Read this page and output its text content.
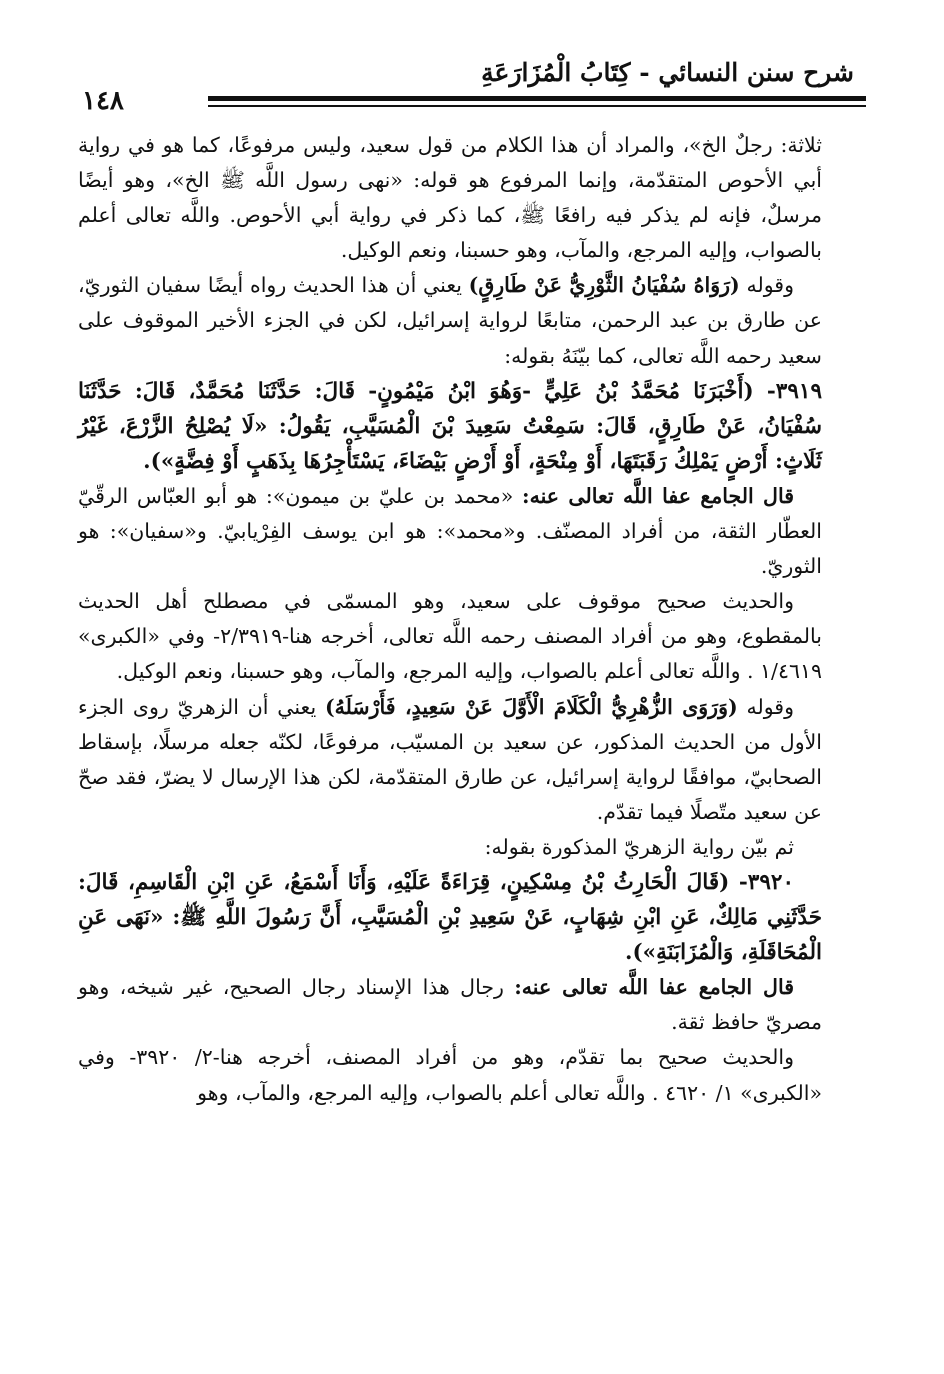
شرح سنن النسائي - كِتَابُ الْمُزَارَعَةِ
١٤٨

ثلاثة: رجلٌ الخ»، والمراد أن هذا الكلام من قول سعيد، وليس مرفوعًا، كما هو في رواية أبي الأحوص المتقدّمة، وإنما المرفوع هو قوله: «نهى رسول اللَّه ﷺ الخ»، وهو أيضًا مرسلٌ، فإنه لم يذكر فيه رافعًا ﷺ، كما ذكر في رواية أبي الأحوص. واللَّه تعالى أعلم بالصواب، وإليه المرجع، والمآب، وهو حسبنا، ونعم الوكيل.

وقوله (رَوَاهُ سُفْيَانُ الثَّوْرِيُّ عَنْ طَارِقٍ) يعني أن هذا الحديث رواه أيضًا سفيان الثوريّ، عن طارق بن عبد الرحمن، متابعًا لرواية إسرائيل، لكن في الجزء الأخير الموقوف على سعيد رحمه اللَّه تعالى، كما بيّنَهُ بقوله:

٣٩١٩- (أَخْبَرَنَا مُحَمَّدُ بْنُ عَلِيٍّ -وَهُوَ ابْنُ مَيْمُونٍ- قَالَ: حَدَّثَنَا مُحَمَّدٌ، قَالَ: حَدَّثَنَا سُفْيَانُ، عَنْ طَارِقٍ، قَالَ: سَمِعْتُ سَعِيدَ بْنَ الْمُسَيَّبِ، يَقُولُ: «لَا يُصْلِحُ الزَّرْعَ، غَيْرُ ثَلَاثٍ: أَرْضٍ يَمْلِكُ رَقَبَتَهَا، أَوْ مِنْحَةٍ، أَوْ أَرْضٍ بَيْضَاءَ، يَسْتَأْجِرُهَا بِذَهَبٍ أَوْ فِضَّةٍ»).

قال الجامع عفا اللَّه تعالى عنه: «محمد بن عليّ بن ميمون»: هو أبو العبّاس الرقّيّ العطّار الثقة، من أفراد المصنّف. و«محمد»: هو ابن يوسف الفِرْيابيّ. و«سفيان»: هو الثوريّ.

والحديث صحيح موقوف على سعيد، وهو المسمّى في مصطلح أهل الحديث بالمقطوع، وهو من أفراد المصنف رحمه اللَّه تعالى، أخرجه هنا-٢/٣٩١٩- وفي «الكبرى» ١/٤٦١٩ . واللَّه تعالى أعلم بالصواب، وإليه المرجع، والمآب، وهو حسبنا، ونعم الوكيل.

وقوله (وَرَوَى الزُّهْرِيُّ الْكَلَامَ الْأَوَّلَ عَنْ سَعِيدٍ، فَأَرْسَلَهُ) يعني أن الزهريّ روى الجزء الأول من الحديث المذكور، عن سعيد بن المسيّب، مرفوعًا، لكنّه جعله مرسلًا، بإسقاط الصحابيّ، موافقًا لرواية إسرائيل، عن طارق المتقدّمة، لكن هذا الإرسال لا يضرّ، فقد صحّ عن سعيد متّصلًا فيما تقدّم.

ثم بيّن رواية الزهريّ المذكورة بقوله:

٣٩٢٠- (قَالَ الْحَارِثُ بْنُ مِسْكِينٍ، قِرَاءَةً عَلَيْهِ، وَأَنَا أَسْمَعُ، عَنِ ابْنِ الْقَاسِمِ، قَالَ: حَدَّثَنِي مَالِكٌ، عَنِ ابْنِ شِهَابٍ، عَنْ سَعِيدِ بْنِ الْمُسَيَّبِ، أَنَّ رَسُولَ اللَّهِ ﷺ: «نَهَى عَنِ الْمُحَاقَلَةِ، وَالْمُزَابَنَةِ»).

قال الجامع عفا اللَّه تعالى عنه: رجال هذا الإسناد رجال الصحيح، غير شيخه، وهو مصريّ حافظ ثقة.

والحديث صحيح بما تقدّم، وهو من أفراد المصنف، أخرجه هنا-٢/ ٣٩٢٠- وفي «الكبرى» ١/ ٤٦٢٠ . واللَّه تعالى أعلم بالصواب، وإليه المرجع، والمآب، وهو
